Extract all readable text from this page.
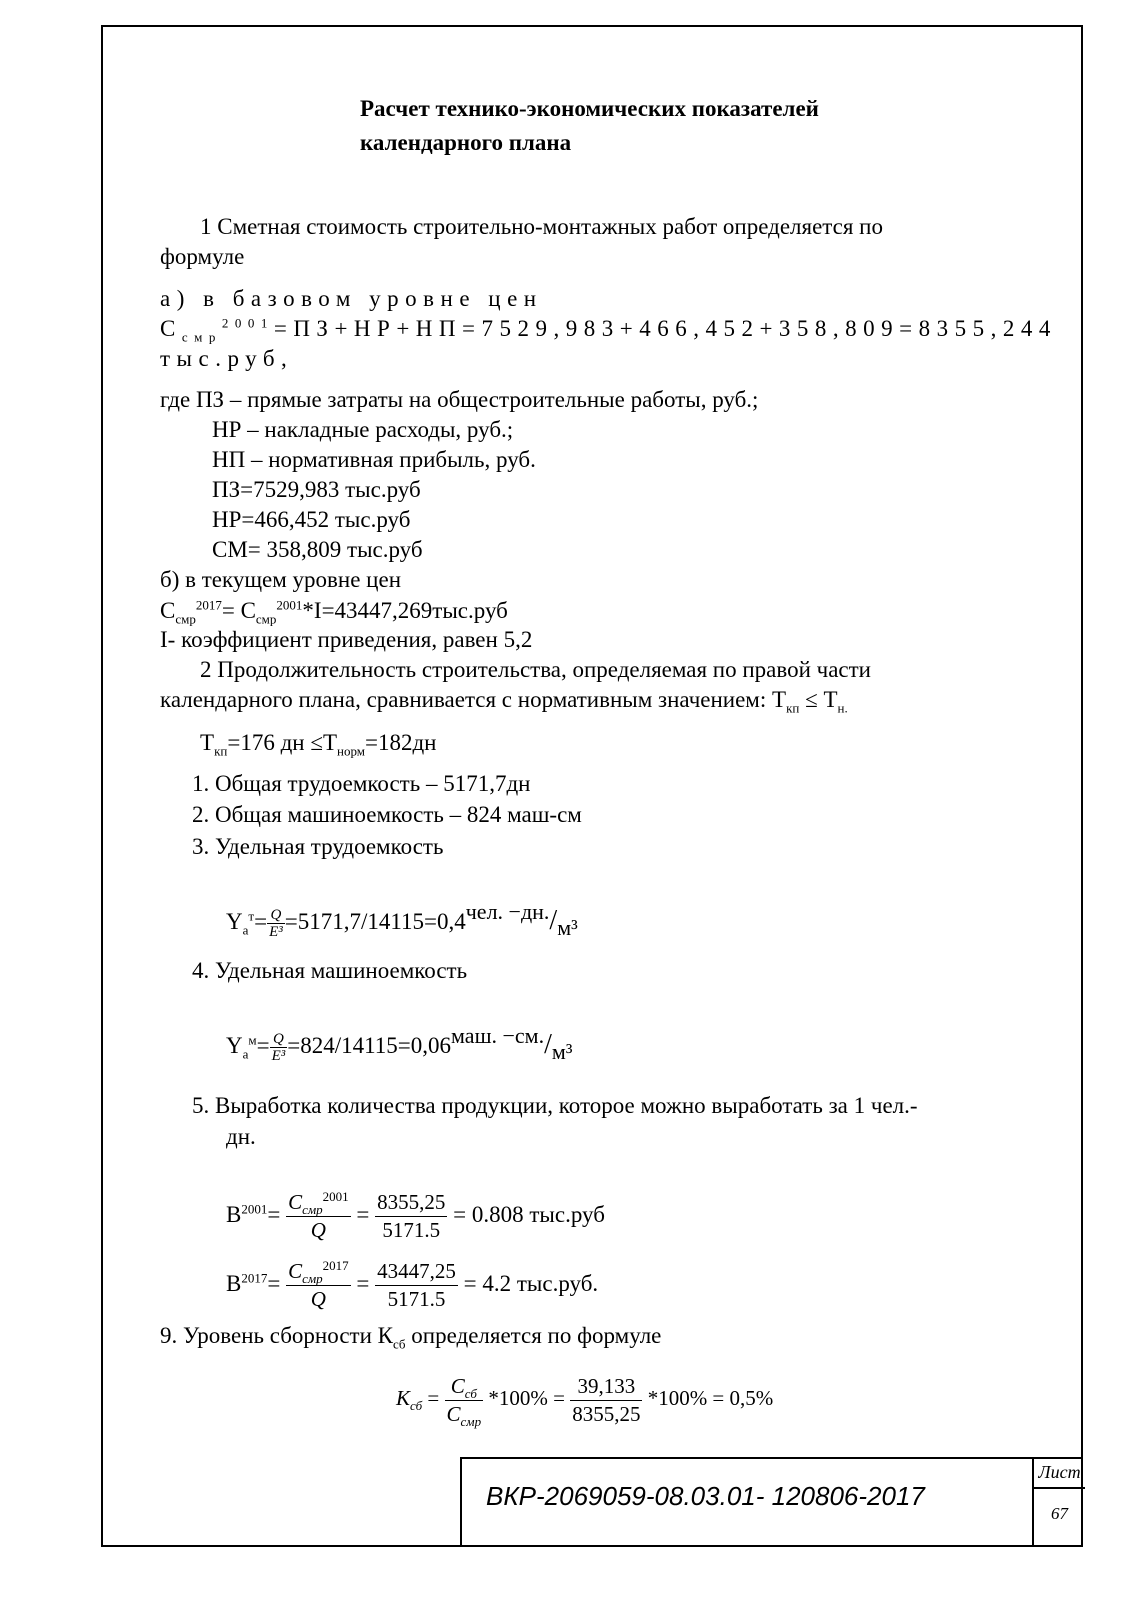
Расчет технико-экономических показателей
календарного плана
1 Сметная стоимость строительно-монтажных работ определяется по
формуле
а) в базовом уровне цен
$С_{смр}^{2001}=ПЗ+НР+НП=7529,983+466,452+358,809=8355,244$
тыс.руб,
где ПЗ – прямые затраты на общестроительные работы, руб.;
НР – накладные расходы, руб.;
НП – нормативная прибыль, руб.
ПЗ=7529,983 тыс.руб
НР=466,452 тыс.руб
СМ= 358,809 тыс.руб
б) в текущем уровне цен
$С_{смр}^{2017}= С_{смр}^{2001}*I=43447,269тыс.руб$
I- коэффициент приведения, равен 5,2
2 Продолжительность строительства, определяемая по правой части
календарного плана, сравнивается с нормативным значением: $Т_{кп} \le Т_{н.}$
$Т_{кп}=176$ дн $\le Т_{норм}=182дн$
1. Общая трудоемкость – 5171,7дн
2. Общая машиноемкость – 824 маш-см
3. Удельная трудоемкость
$Y_а^т= \frac{Q}{\text{E³}} =5171,7/14115=0,4чел$. −дн./м³
4. Удельная машиноемкость
$Y_а^м= \frac{Q}{\text{E³}} =824/14115=0,06маш$. −см./м³
5. Выработка количества продукции, которое можно выработать за 1 чел.-
дн.
$В^{2001}= \frac{C_{смр}^{2001}}{Q} = \frac{8355,25}{5171.5} = 0.808$ тыс.руб
$В^{2017}= \frac{C_{смр}^{2017}}{Q} = \frac{43447,25}{5171.5} = 4.2$ тыс.руб.
9. Уровень сборности $К_{сб}$ определяется по формуле
$K_{сб} = \frac{C_{сб}}{C_{смр}} *100\% = \frac{39,133}{8355,25} *100\% = 0,5\%$
ВКР-2069059-08.03.01- 120806-2017
Лист
67
